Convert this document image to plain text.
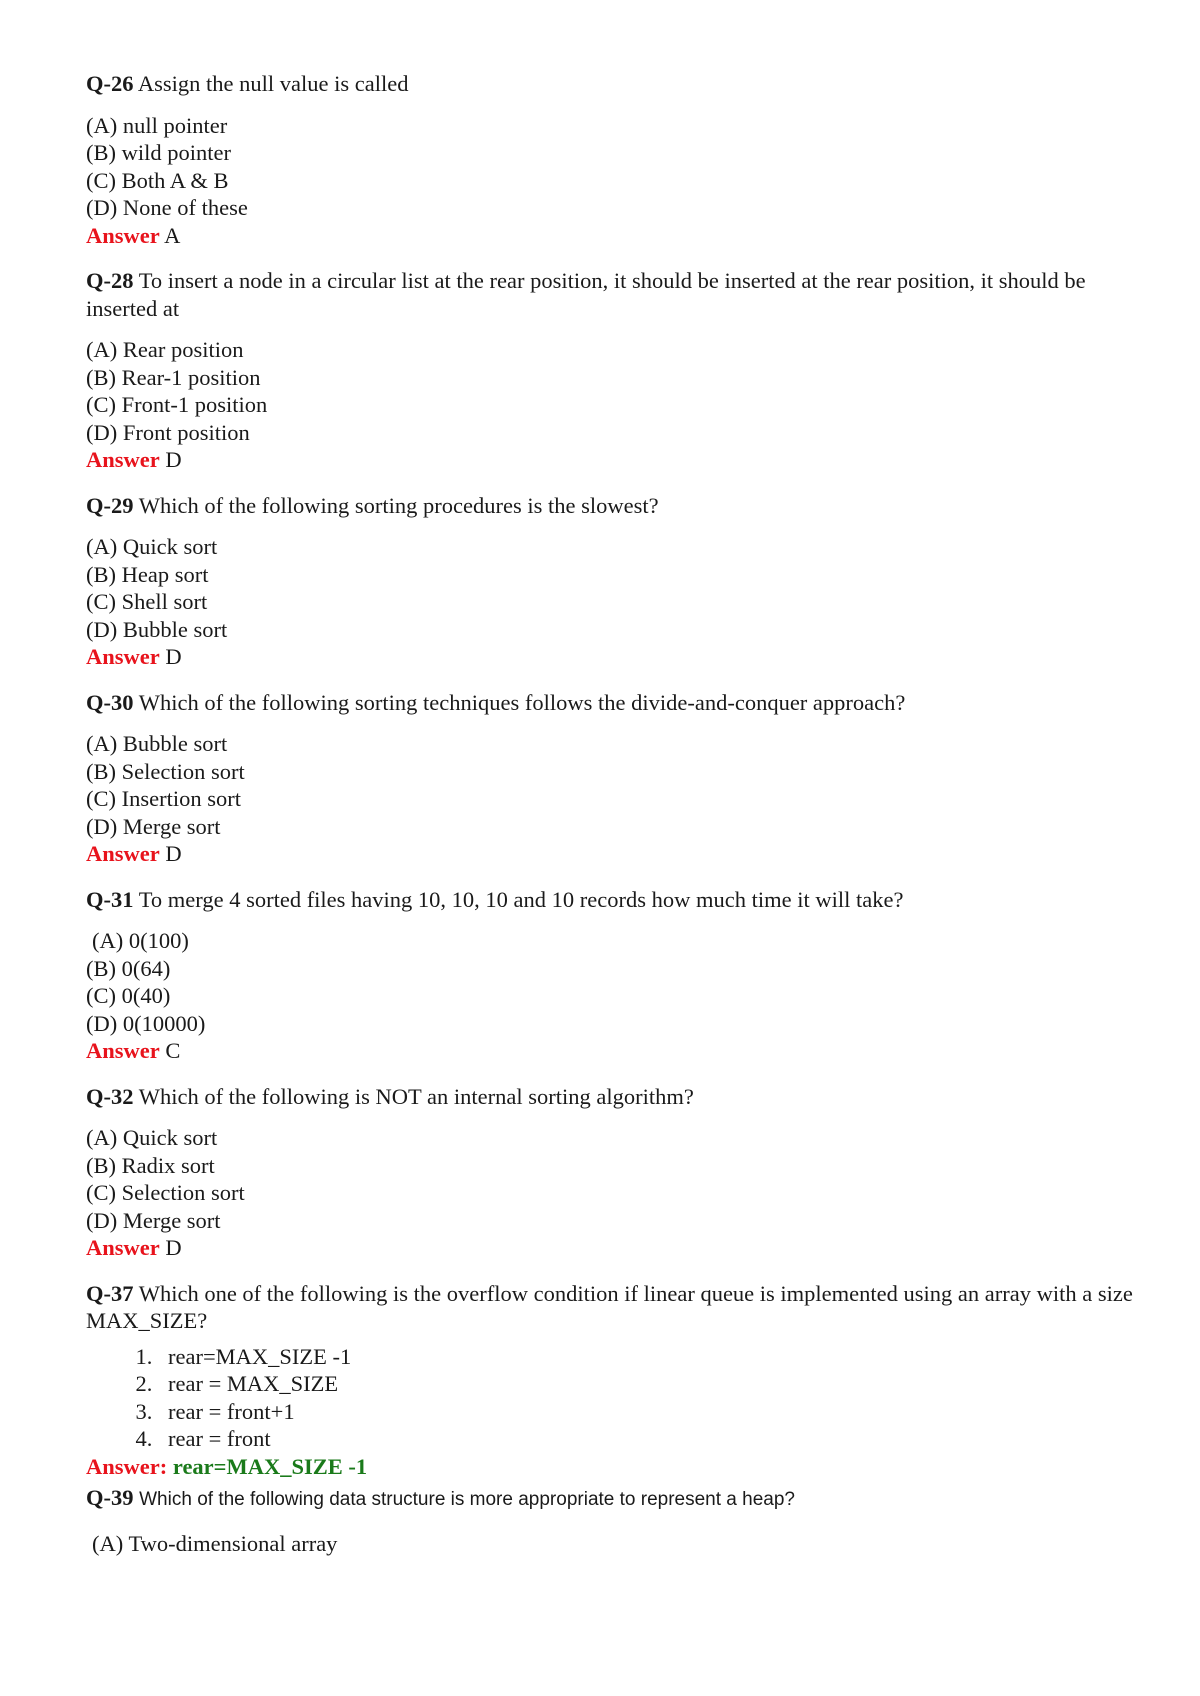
Q-26 Assign the null value is called

(A) null pointer
(B) wild pointer
(C) Both A & B
(D) None of these
Answer A

Q-28 To insert a node in a circular list at the rear position, it should be inserted at the rear position, it should be inserted at

(A) Rear position
(B) Rear-1 position
(C) Front-1 position
(D) Front position
Answer D

Q-29 Which of the following sorting procedures is the slowest?

(A) Quick sort
(B) Heap sort
(C) Shell sort
(D) Bubble sort
Answer D

Q-30 Which of the following sorting techniques follows the divide-and-conquer approach?

(A) Bubble sort
(B) Selection sort
(C) Insertion sort
(D) Merge sort
Answer D

Q-31 To merge 4 sorted files having 10, 10, 10 and 10 records how much time it will take?

(A) 0(100)
(B) 0(64)
(C) 0(40)
(D) 0(10000)
Answer C

Q-32 Which of the following is NOT an internal sorting algorithm?

(A) Quick sort
(B) Radix sort
(C) Selection sort
(D) Merge sort
Answer D

Q-37 Which one of the following is the overflow condition if linear queue is implemented using an array with a size MAX_SIZE?

1. rear=MAX_SIZE -1
2. rear = MAX_SIZE
3. rear = front+1
4. rear = front
Answer: rear=MAX_SIZE -1

Q-39 Which of the following data structure is more appropriate to represent a heap?

(A) Two-dimensional array
